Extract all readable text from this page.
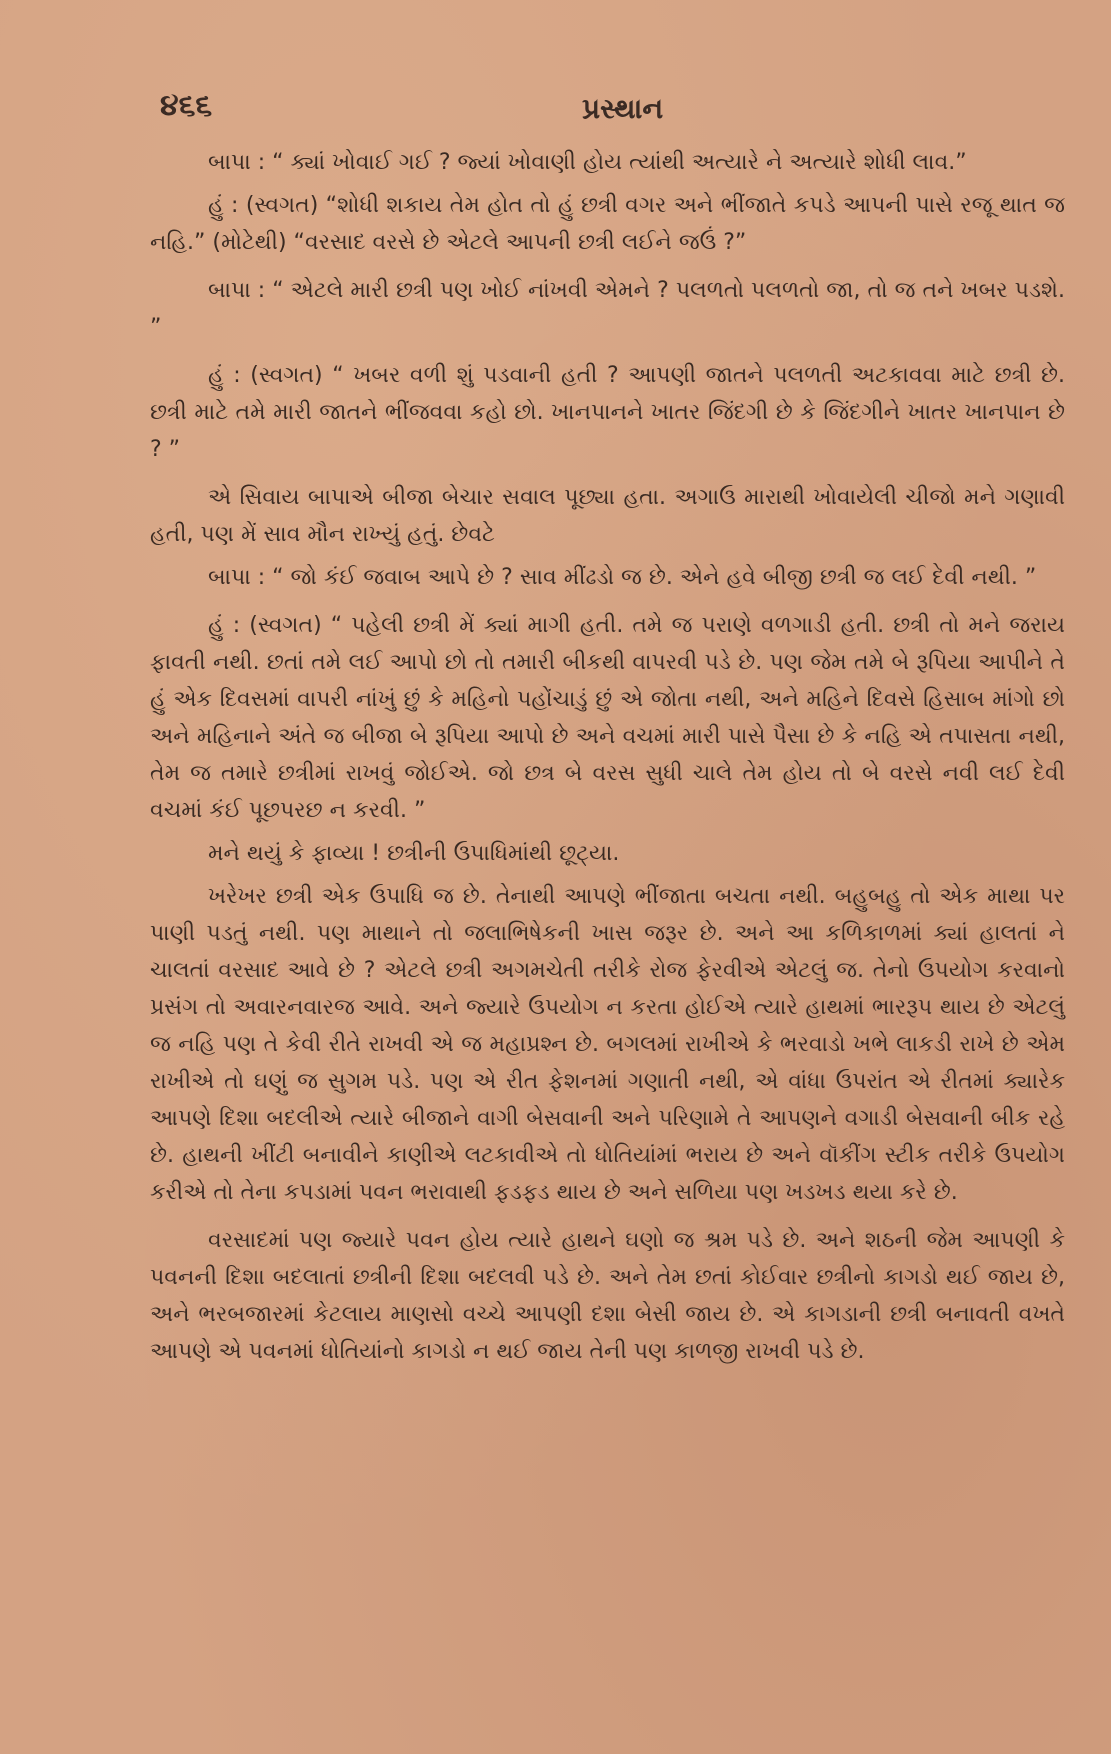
૪૬૬	પ્રસ્થાન

બાપા : “ ક્યાં ખોવાઈ ગઈ ? જ્યાં ખોવાણી હોય ત્યાંથી અત્યારે ને અત્યારે શોધી લાવ.”

હું : (સ્વગત) “શોધી શકાય તેમ હોત તો હું છત્રી વગર અને ભીંજાતે કપડે આપની પાસે રજૂ થાત જ નહિ.” (મોટેથી) “વરસાદ વરસે છે એટલે આપની છત્રી લઈને જઉં ?”

બાપા : “ એટલે મારી છત્રી પણ ખોઈ નાંખવી એમને ? પલળતો પલળતો જા, તો જ તને ખબર પડશે. ”

હું : (સ્વગત) “ ખબર વળી શું પડવાની હતી ? આપણી જાતને પલળતી અટકાવવા માટે છત્રી છે. છત્રી માટે તમે મારી જાતને ભીંજવવા કહો છો. ખાનપાનને ખાતર જિંદગી છે કે જિંદગીને ખાતર ખાનપાન છે ? ”

એ સિવાય બાપાએ બીજા બેચાર સવાલ પૂછ્યા હતા. અગાઉ મારાથી ખોવાયેલી ચીજો મને ગણાવી હતી, પણ મેં સાવ મૌન રાખ્યું હતું. છેવટે

બાપા : “ જો કંઈ જવાબ આપે છે ? સાવ મીંઢડો જ છે. એને હવે બીજી છત્રી જ લઈ દેવી નથી. ”

હું : (સ્વગત) “ પહેલી છત્રી મેં ક્યાં માગી હતી. તમે જ પરાણે વળગાડી હતી. છત્રી તો મને જરાય ફાવતી નથી. છતાં તમે લઈ આપો છો તો તમારી બીકથી વાપરવી પડે છે. પણ જેમ તમે બે રૂપિયા આપીને તે હું એક દિવસમાં વાપરી નાંખું છું કે મહિનો પહોંચાડું છું એ જોતા નથી, અને મહિને દિવસે હિસાબ માંગો છો અને મહિનાને અંતે જ બીજા બે રૂપિયા આપો છે અને વચમાં મારી પાસે પૈસા છે કે નહિ એ તપાસતા નથી, તેમ જ તમારે છત્રીમાં રાખવું જોઈએ. જો છત્ર બે વરસ સુધી ચાલે તેમ હોય તો બે વરસે નવી લઈ દેવી વચમાં કંઈ પૂછપરછ ન કરવી. ”

મને થયું કે ફાવ્યા ! છત્રીની ઉપાધિમાંથી છૂટ્યા.

ખરેખર છત્રી એક ઉપાધિ જ છે. તેનાથી આપણે ભીંજાતા બચતા નથી. બહુબહુ તો એક માથા પર પાણી પડતું નથી. પણ માથાને તો જલાભિષેકની ખાસ જરૂર છે. અને આ કળિકાળમાં ક્યાં હાલતાં ને ચાલતાં વરસાદ આવે છે ? એટલે છત્રી અગમચેતી તરીકે રોજ ફેરવીએ એટલું જ. તેનો ઉપયોગ કરવાનો પ્રસંગ તો અવારનવારજ આવે. અને જ્યારે ઉપયોગ ન કરતા હોઈએ ત્યારે હાથમાં ભારરૂપ થાય છે એટલું જ નહિ પણ તે કેવી રીતે રાખવી એ જ મહાપ્રશ્ન છે. બગલમાં રાખીએ કે ભરવાડો ખભે લાકડી રાખે છે એમ રાખીએ તો ઘણું જ સુગમ પડે. પણ એ રીત ફેશનમાં ગણાતી નથી, એ વાંધા ઉપરાંત એ રીતમાં ક્યારેક આપણે દિશા બદલીએ ત્યારે બીજાને વાગી બેસવાની અને પરિણામે તે આપણને વગાડી બેસવાની બીક રહે છે. હાથની ખીંટી બનાવીને કાણીએ લટકાવીએ તો ધોતિયાંમાં ભરાય છે અને વૉકીંગ સ્ટીક તરીકે ઉપયોગ કરીએ તો તેના કપડામાં પવન ભરાવાથી ફડફડ થાય છે અને સળિયા પણ ખડખડ થયા કરે છે.

વરસાદમાં પણ જ્યારે પવન હોય ત્યારે હાથને ઘણો જ શ્રમ પડે છે. અને શઠની જેમ આપણી કે પવનની દિશા બદલાતાં છત્રીની દિશા બદલવી પડે છે. અને તેમ છતાં કોઈવાર છત્રીનો કાગડો થઈ જાય છે, અને ભરબજારમાં કેટલાય માણસો વચ્ચે આપણી દશા બેસી જાય છે. એ કાગડાની છત્રી બનાવતી વખતે આપણે એ પવનમાં ધોતિયાંનો કાગડો ન થઈ જાય તેની પણ કાળજી રાખવી પડે છે.
